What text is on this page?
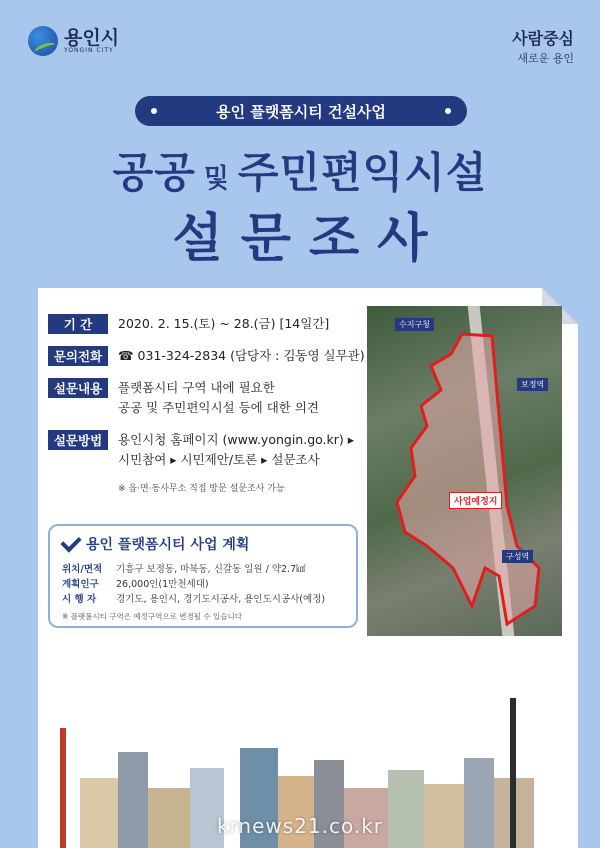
용인시
YONGIN CITY
사람중심
새로운 용인
용인 플랫폼시티 건설사업
공공 및 주민편익시설
설문조사
기 간	2020. 2. 15.(토) ~ 28.(금) [14일간]
문의전화	☎ 031-324-2834 (담당자 : 김동영 실무관)
설문내용	플랫폼시티 구역 내에 필요한
공공 및 주민편익시설 등에 대한 의견
설문방법	용인시청 홈페이지 (www.yongin.go.kr) ▸
시민참여 ▸ 시민제안/토론 ▸ 설문조사
※ 읍·면·동사무소 직접 방문 설문조사 가능
용인 플랫폼시티 사업 계획
위치/면적	기흥구 보정동, 마북동, 신갈동 일원 / 약2.7㎢
계획인구	26,000인(1만천세대)
시 행 자	경기도, 용인시, 경기도시공사, 용인도시공사(예정)
※ 플랫폼시티 구역은 예정구역으로 변경될 수 있습니다
수지구청
보정역
사업예정지
구성역
krnews21.co.kr
